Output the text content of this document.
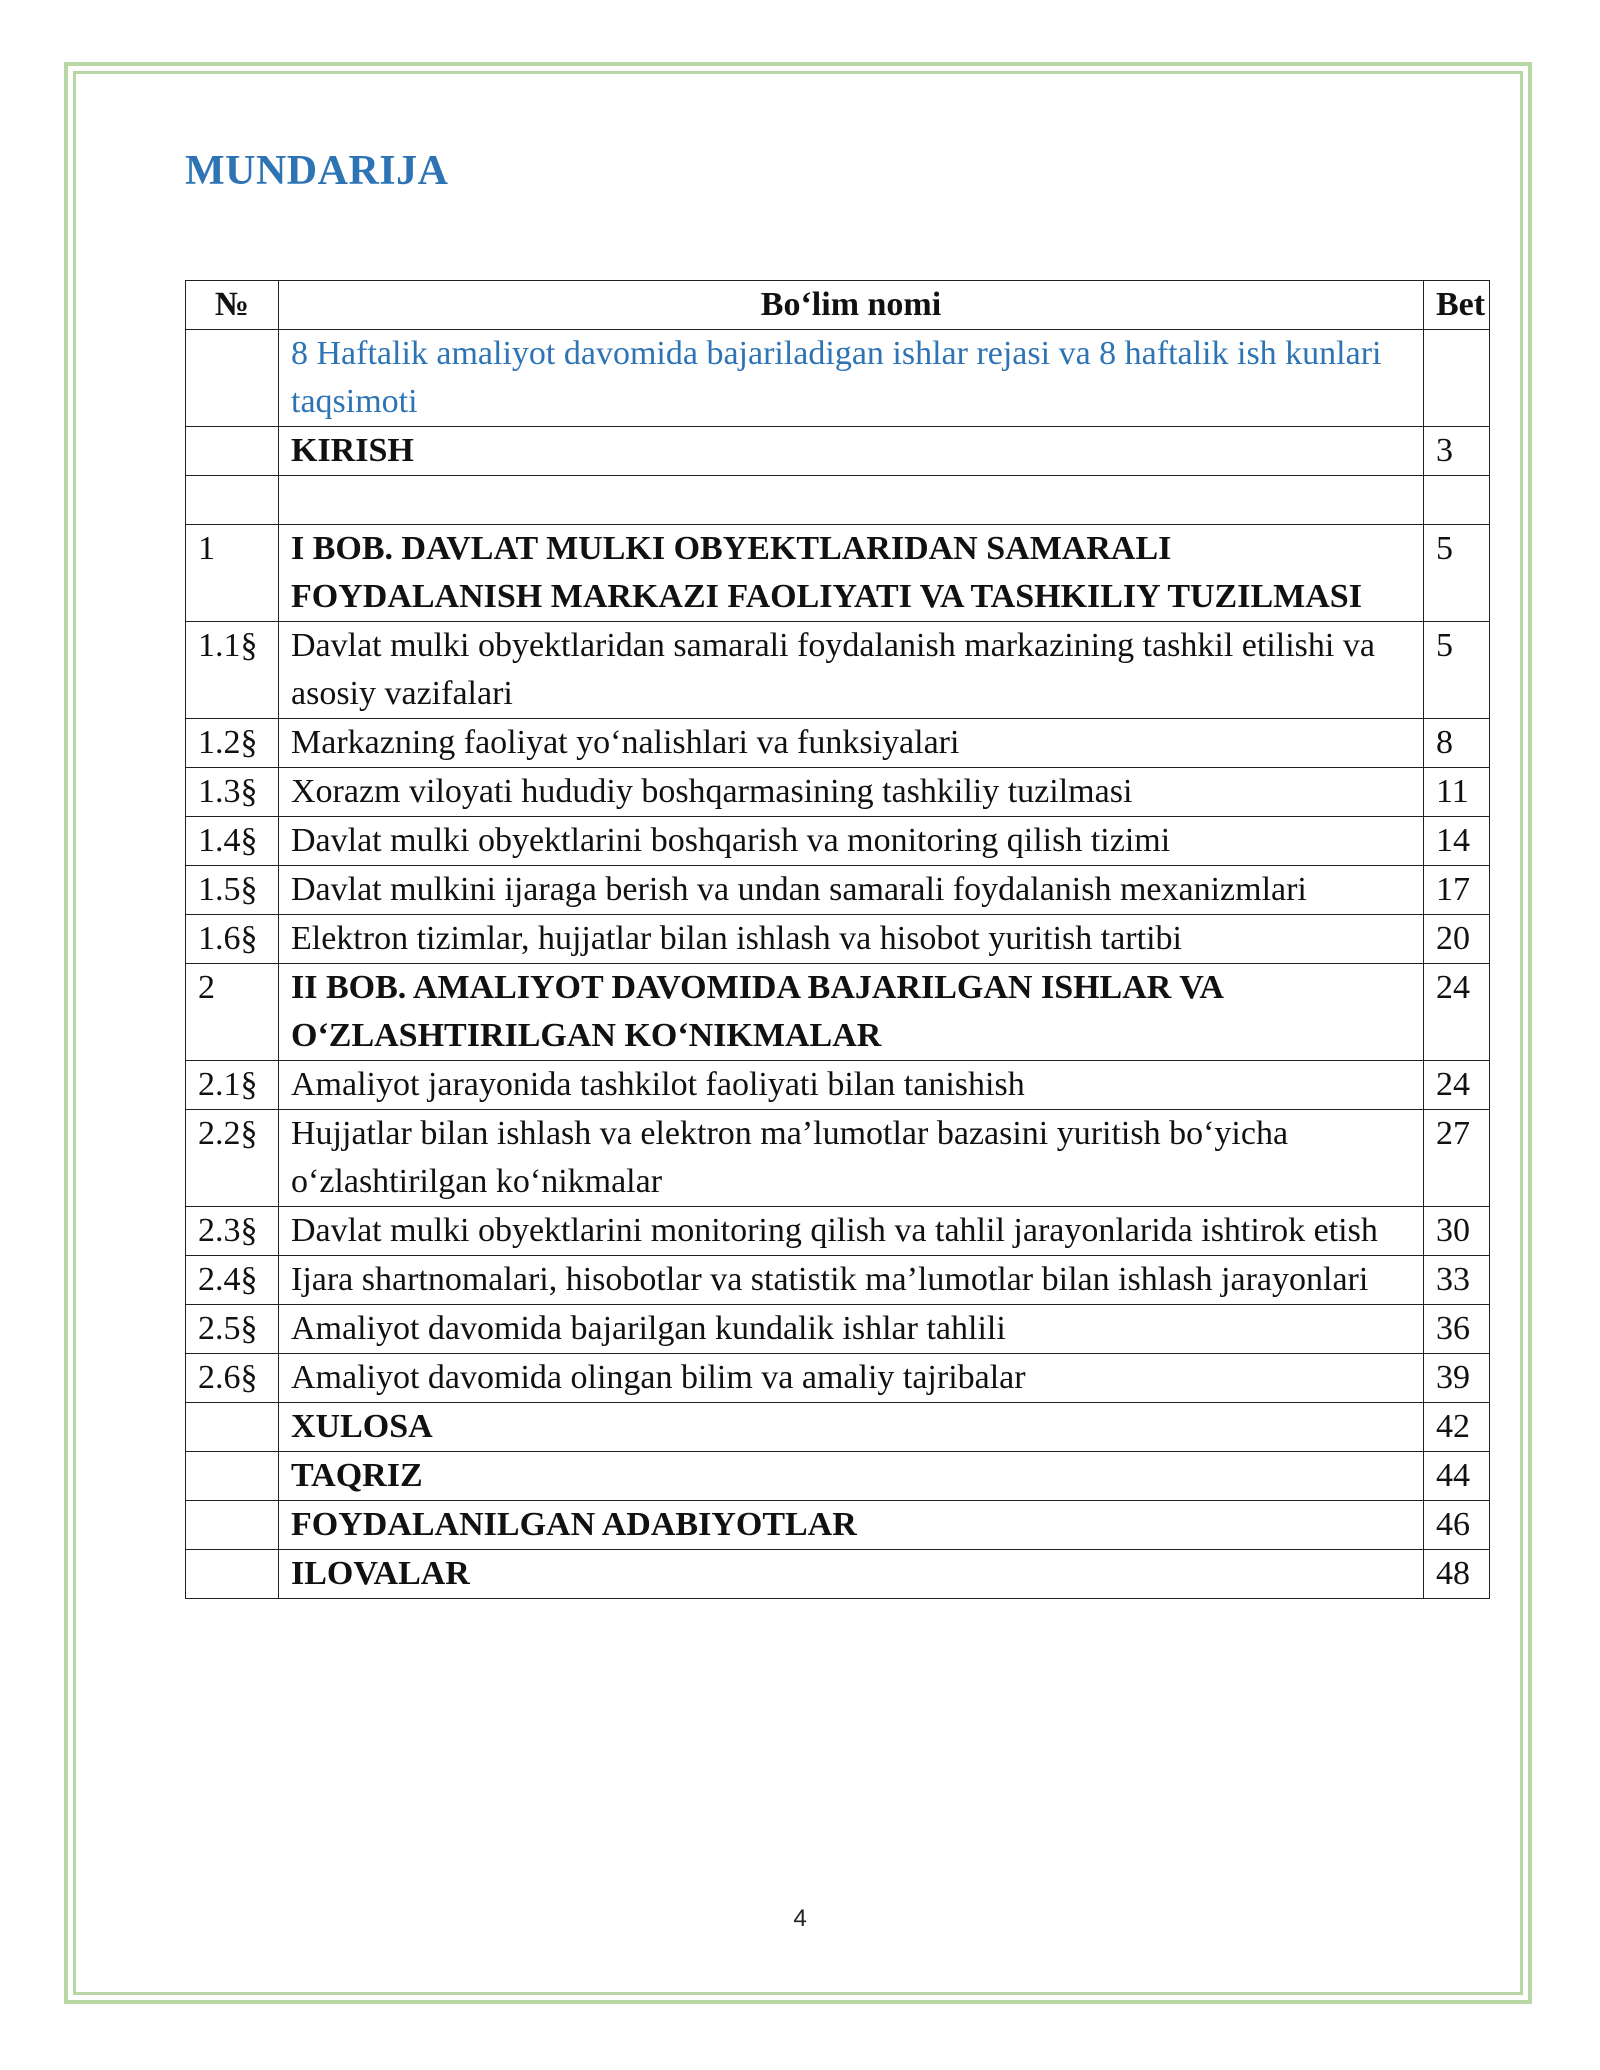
MUNDARIJA
№	Bo‘lim nomi	Bet
	8 Haftalik amaliyot davomida bajariladigan ishlar rejasi va 8 haftalik ish kunlari taqsimoti	
	KIRISH	3

1	I BOB. DAVLAT MULKI OBYEKTLARIDAN SAMARALI FOYDALANISH MARKAZI FAOLIYATI VA TASHKILIY TUZILMASI	5
1.1§	Davlat mulki obyektlaridan samarali foydalanish markazining tashkil etilishi va asosiy vazifalari	5
1.2§	Markazning faoliyat yo‘nalishlari va funksiyalari	8
1.3§	Xorazm viloyati hududiy boshqarmasining tashkiliy tuzilmasi	11
1.4§	Davlat mulki obyektlarini boshqarish va monitoring qilish tizimi	14
1.5§	Davlat mulkini ijaraga berish va undan samarali foydalanish mexanizmlari	17
1.6§	Elektron tizimlar, hujjatlar bilan ishlash va hisobot yuritish tartibi	20
2	II BOB. AMALIYOT DAVOMIDA BAJARILGAN ISHLAR VA O‘ZLASHTIRILGAN KO‘NIKMALAR	24
2.1§	Amaliyot jarayonida tashkilot faoliyati bilan tanishish	24
2.2§	Hujjatlar bilan ishlash va elektron ma’lumotlar bazasini yuritish bo‘yicha o‘zlashtirilgan ko‘nikmalar	27
2.3§	Davlat mulki obyektlarini monitoring qilish va tahlil jarayonlarida ishtirok etish	30
2.4§	Ijara shartnomalari, hisobotlar va statistik ma’lumotlar bilan ishlash jarayonlari	33
2.5§	Amaliyot davomida bajarilgan kundalik ishlar tahlili	36
2.6§	Amaliyot davomida olingan bilim va amaliy tajribalar	39
	XULOSA	42
	TAQRIZ	44
	FOYDALANILGAN ADABIYOTLAR	46
	ILOVALAR	48
4
